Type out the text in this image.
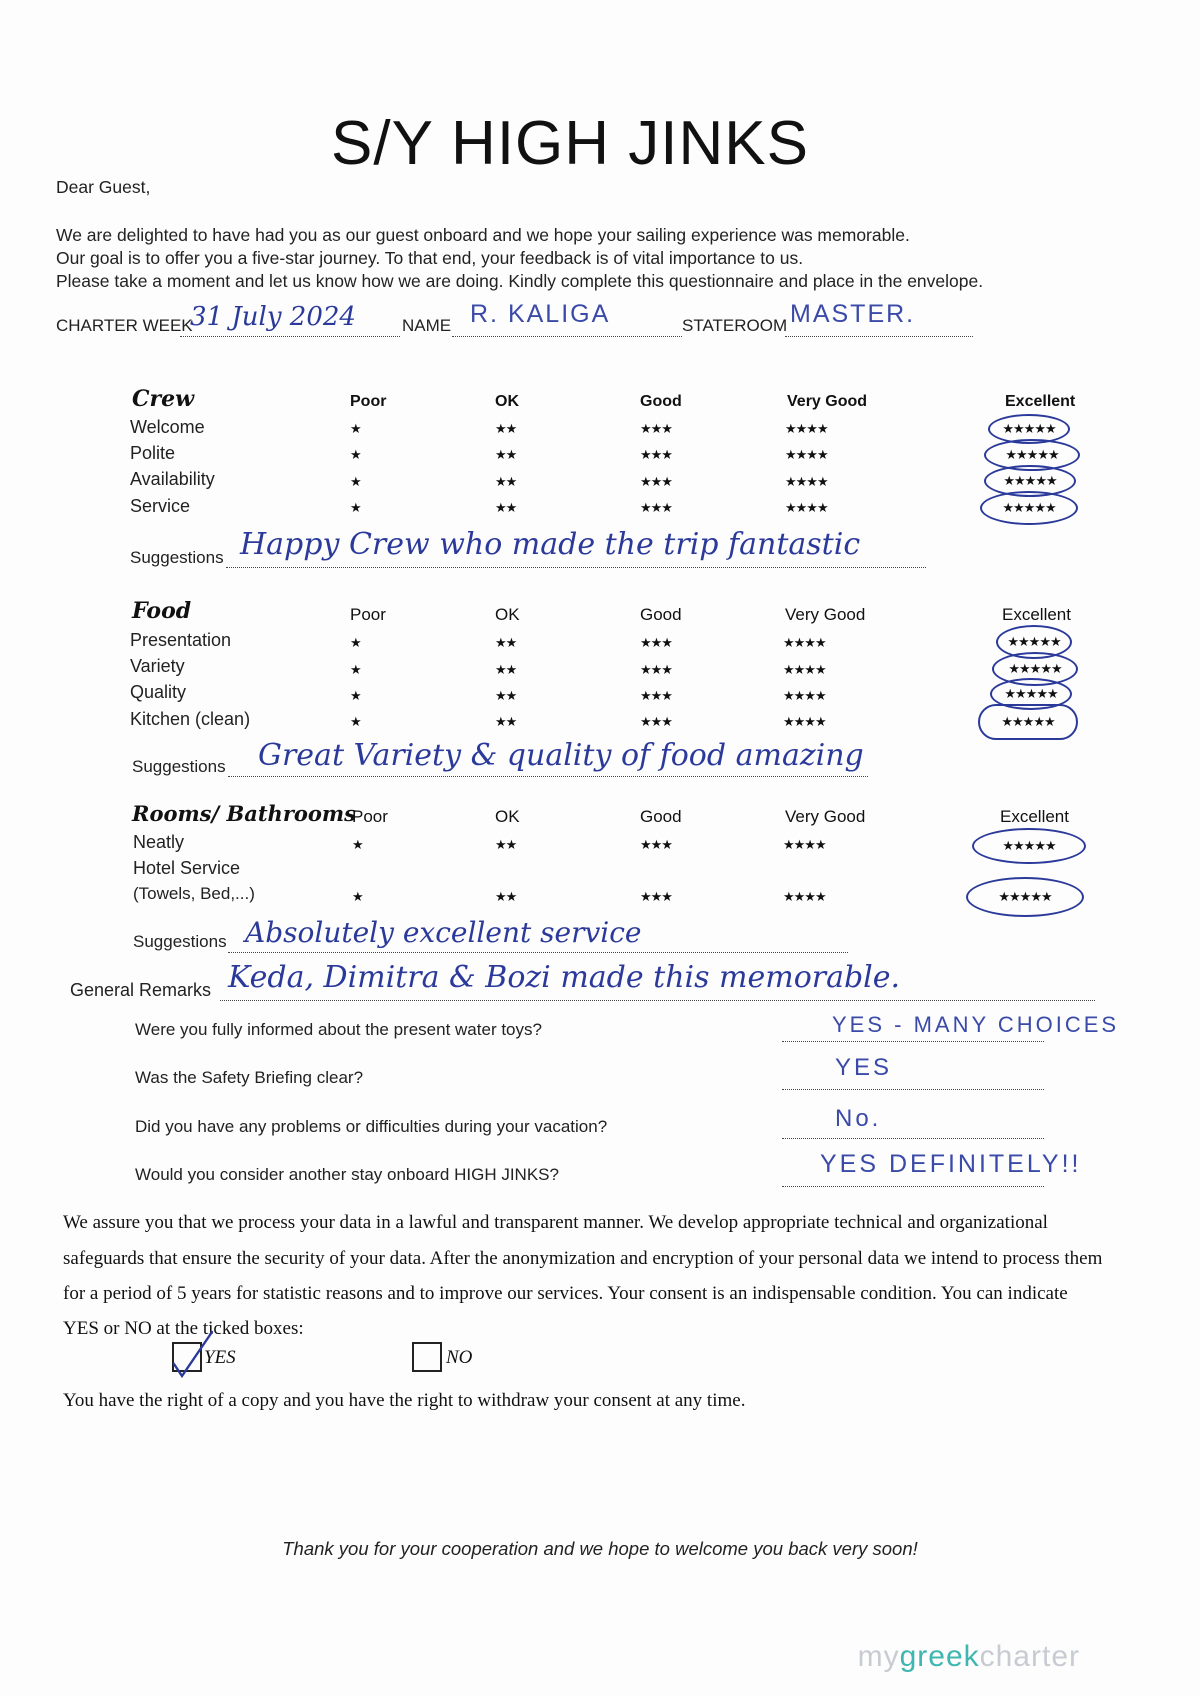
S/Y HIGH JINKS
Dear Guest,
We are delighted to have had you as our guest onboard and we hope your sailing experience was memorable.
Our goal is to offer you a five-star journey. To that end, your feedback is of vital importance to us.
Please take a moment and let us know how we are doing. Kindly complete this questionnaire and place in the envelope.
CHARTER WEEK
31 July 2024	NAME R. KALIGA	STATEROOM MASTER.
Crew	Poor	OK	Good	Very Good	Excellent
Welcome	★	★★	★★★	★★★★	★★★★★
Polite	★	★★	★★★	★★★★	★★★★★
Availability	★	★★	★★★	★★★★	★★★★★
Service	★	★★	★★★	★★★★	★★★★★
Suggestions Happy Crew who made the trip fantastic
Food	Poor	OK	Good	Very Good	Excellent
Presentation	★	★★	★★★	★★★★	★★★★★
Variety	★	★★	★★★	★★★★	★★★★★
Quality	★	★★	★★★	★★★★	★★★★★
Kitchen (clean)	★	★★	★★★	★★★★	★★★★★
Suggestions Great Variety & quality of food amazing
Rooms/ Bathrooms
Poor	OK	Good	Very Good	Excellent
Neatly	★	★★	★★★	★★★★	★★★★★
Hotel Service
(Towels, Bed,...)	★	★★	★★★	★★★★	★★★★★
Suggestions Absolutely excellent service
General Remarks Keda, Dimitra & Bozi made this memorable.
Were you fully informed about the present water toys?	YES - MANY CHOICES
Was the Safety Briefing clear?	YES
Did you have any problems or difficulties during your vacation?	No.
Would you consider another stay onboard HIGH JINKS?	YES DEFINITELY!!
We assure you that we process your data in a lawful and transparent manner. We develop appropriate technical and organizational
safeguards that ensure the security of your data. After the anonymization and encryption of your personal data we intend to process them
for a period of 5 years for statistic reasons and to improve our services. Your consent is an indispensable condition. You can indicate
YES or NO at the ticked boxes:
YES	NO
You have the right of a copy and you have the right to withdraw your consent at any time.
Thank you for your cooperation and we hope to welcome you back very soon!
mygreekcharter
